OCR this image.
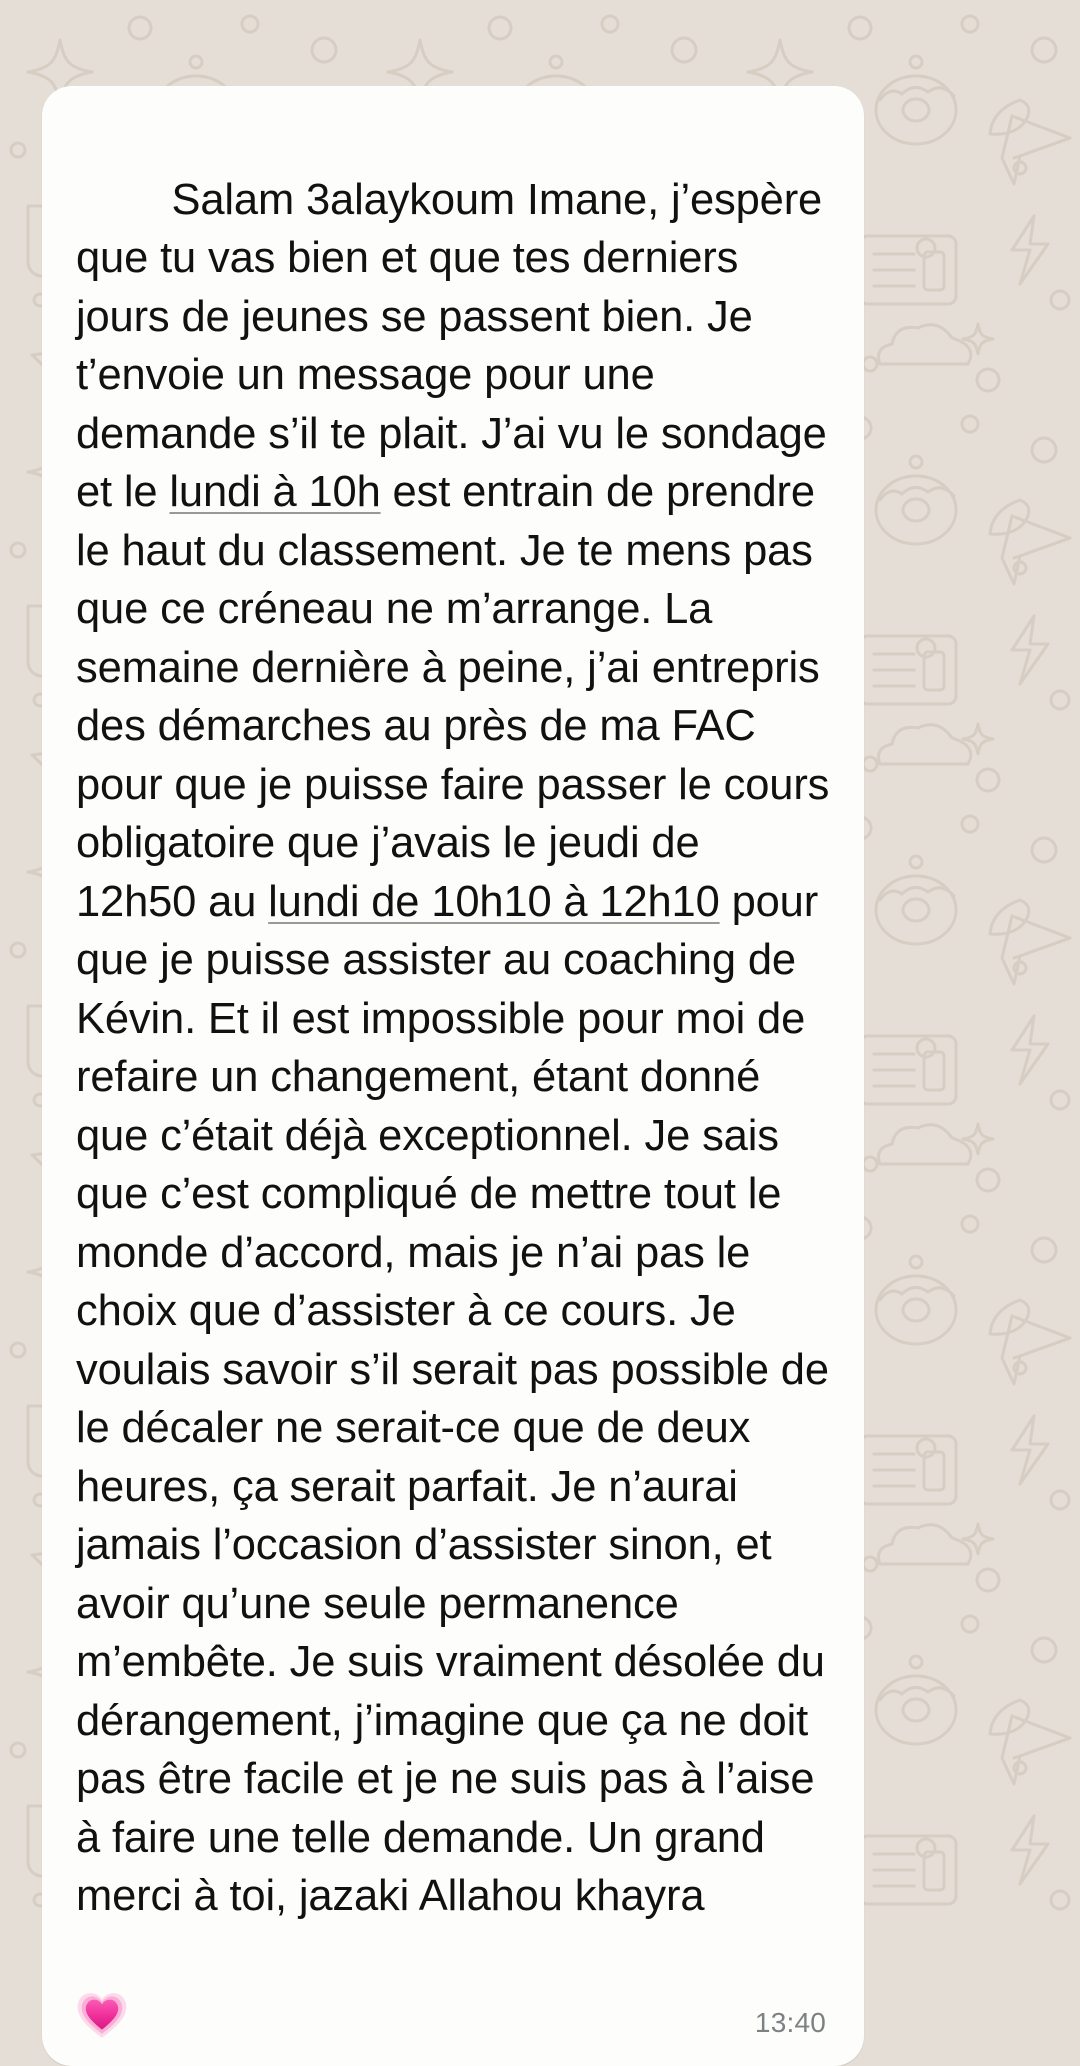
Salam 3alaykoum Imane, j’espère que tu vas bien et que tes derniers jours de jeunes se passent bien. Je t’envoie un message pour une demande s’il te plait. J’ai vu le sondage et le lundi à 10h est entrain de prendre le haut du classement. Je te mens pas que ce créneau ne m’arrange. La semaine dernière à peine, j’ai entrepris des démarches au près de ma FAC pour que je puisse faire passer le cours obligatoire que j’avais le jeudi de 12h50 au lundi de 10h10 à 12h10 pour que je puisse assister au coaching de Kévin. Et il est impossible pour moi de refaire un changement, étant donné que c’était déjà exceptionnel. Je sais que c’est compliqué de mettre tout le monde d’accord, mais je n’ai pas le choix que d’assister à ce cours. Je voulais savoir s’il serait pas possible de le décaler ne serait-ce que de deux heures, ça serait parfait. Je n’aurai jamais l’occasion d’assister sinon, et avoir qu’une seule permanence m’embête. Je suis vraiment désolée du dérangement, j’imagine que ça ne doit pas être facile et je ne suis pas à l’aise à faire une telle demande. Un grand merci à toi, jazaki Allahou khayra

13:40
